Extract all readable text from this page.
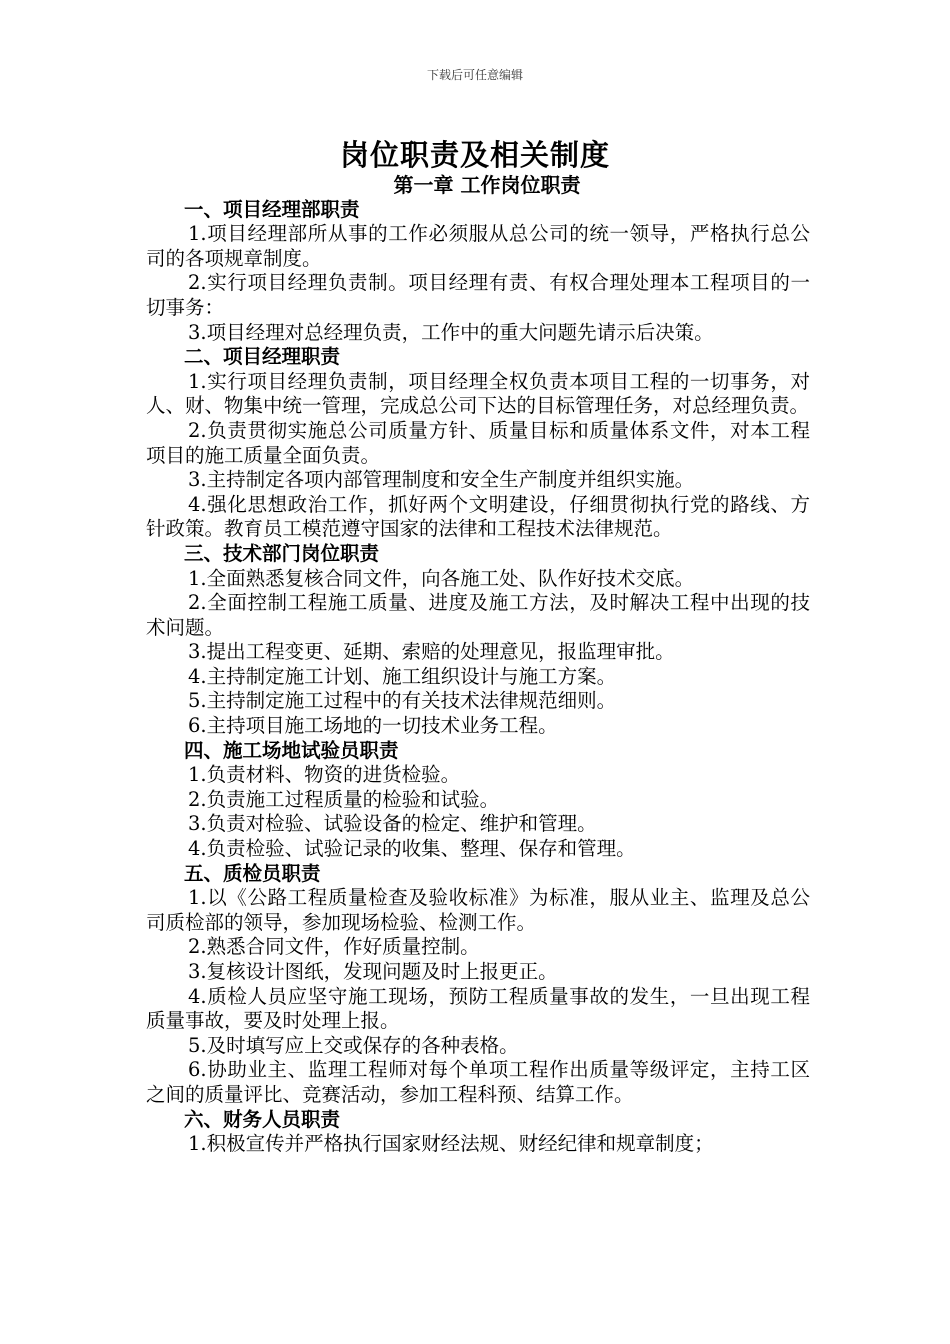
下载后可任意编辑
岗位职责及相关制度
第一章 工作岗位职责
一、项目经理部职责

1.项目经理部所从事的工作必须服从总公司的统一领导，严格执行总公司的各项规章制度。

2.实行项目经理负责制。项目经理有责、有权合理处理本工程项目的一切事务：

3.项目经理对总经理负责，工作中的重大问题先请示后决策。

二、项目经理职责

1.实行项目经理负责制，项目经理全权负责本项目工程的一切事务，对人、财、物集中统一管理，完成总公司下达的目标管理任务，对总经理负责。

2.负责贯彻实施总公司质量方针、质量目标和质量体系文件，对本工程项目的施工质量全面负责。

3.主持制定各项内部管理制度和安全生产制度并组织实施。

4.强化思想政治工作，抓好两个文明建设，仔细贯彻执行党的路线、方针政策。教育员工模范遵守国家的法律和工程技术法律规范。

三、技术部门岗位职责

1.全面熟悉复核合同文件，向各施工处、队作好技术交底。

2.全面控制工程施工质量、进度及施工方法，及时解决工程中出现的技术问题。

3.提出工程变更、延期、索赔的处理意见，报监理审批。

4.主持制定施工计划、施工组织设计与施工方案。

5.主持制定施工过程中的有关技术法律规范细则。

6.主持项目施工场地的一切技术业务工程。

四、施工场地试验员职责

1.负责材料、物资的进货检验。

2.负责施工过程质量的检验和试验。

3.负责对检验、试验设备的检定、维护和管理。

4.负责检验、试验记录的收集、整理、保存和管理。

五、质检员职责

1.以《公路工程质量检查及验收标准》为标准，服从业主、监理及总公司质检部的领导，参加现场检验、检测工作。

2.熟悉合同文件，作好质量控制。

3.复核设计图纸，发现问题及时上报更正。

4.质检人员应坚守施工现场，预防工程质量事故的发生，一旦出现工程质量事故，要及时处理上报。

5.及时填写应上交或保存的各种表格。

6.协助业主、监理工程师对每个单项工程作出质量等级评定，主持工区之间的质量评比、竞赛活动，参加工程科预、结算工作。

六、财务人员职责

1.积极宣传并严格执行国家财经法规、财经纪律和规章制度；
